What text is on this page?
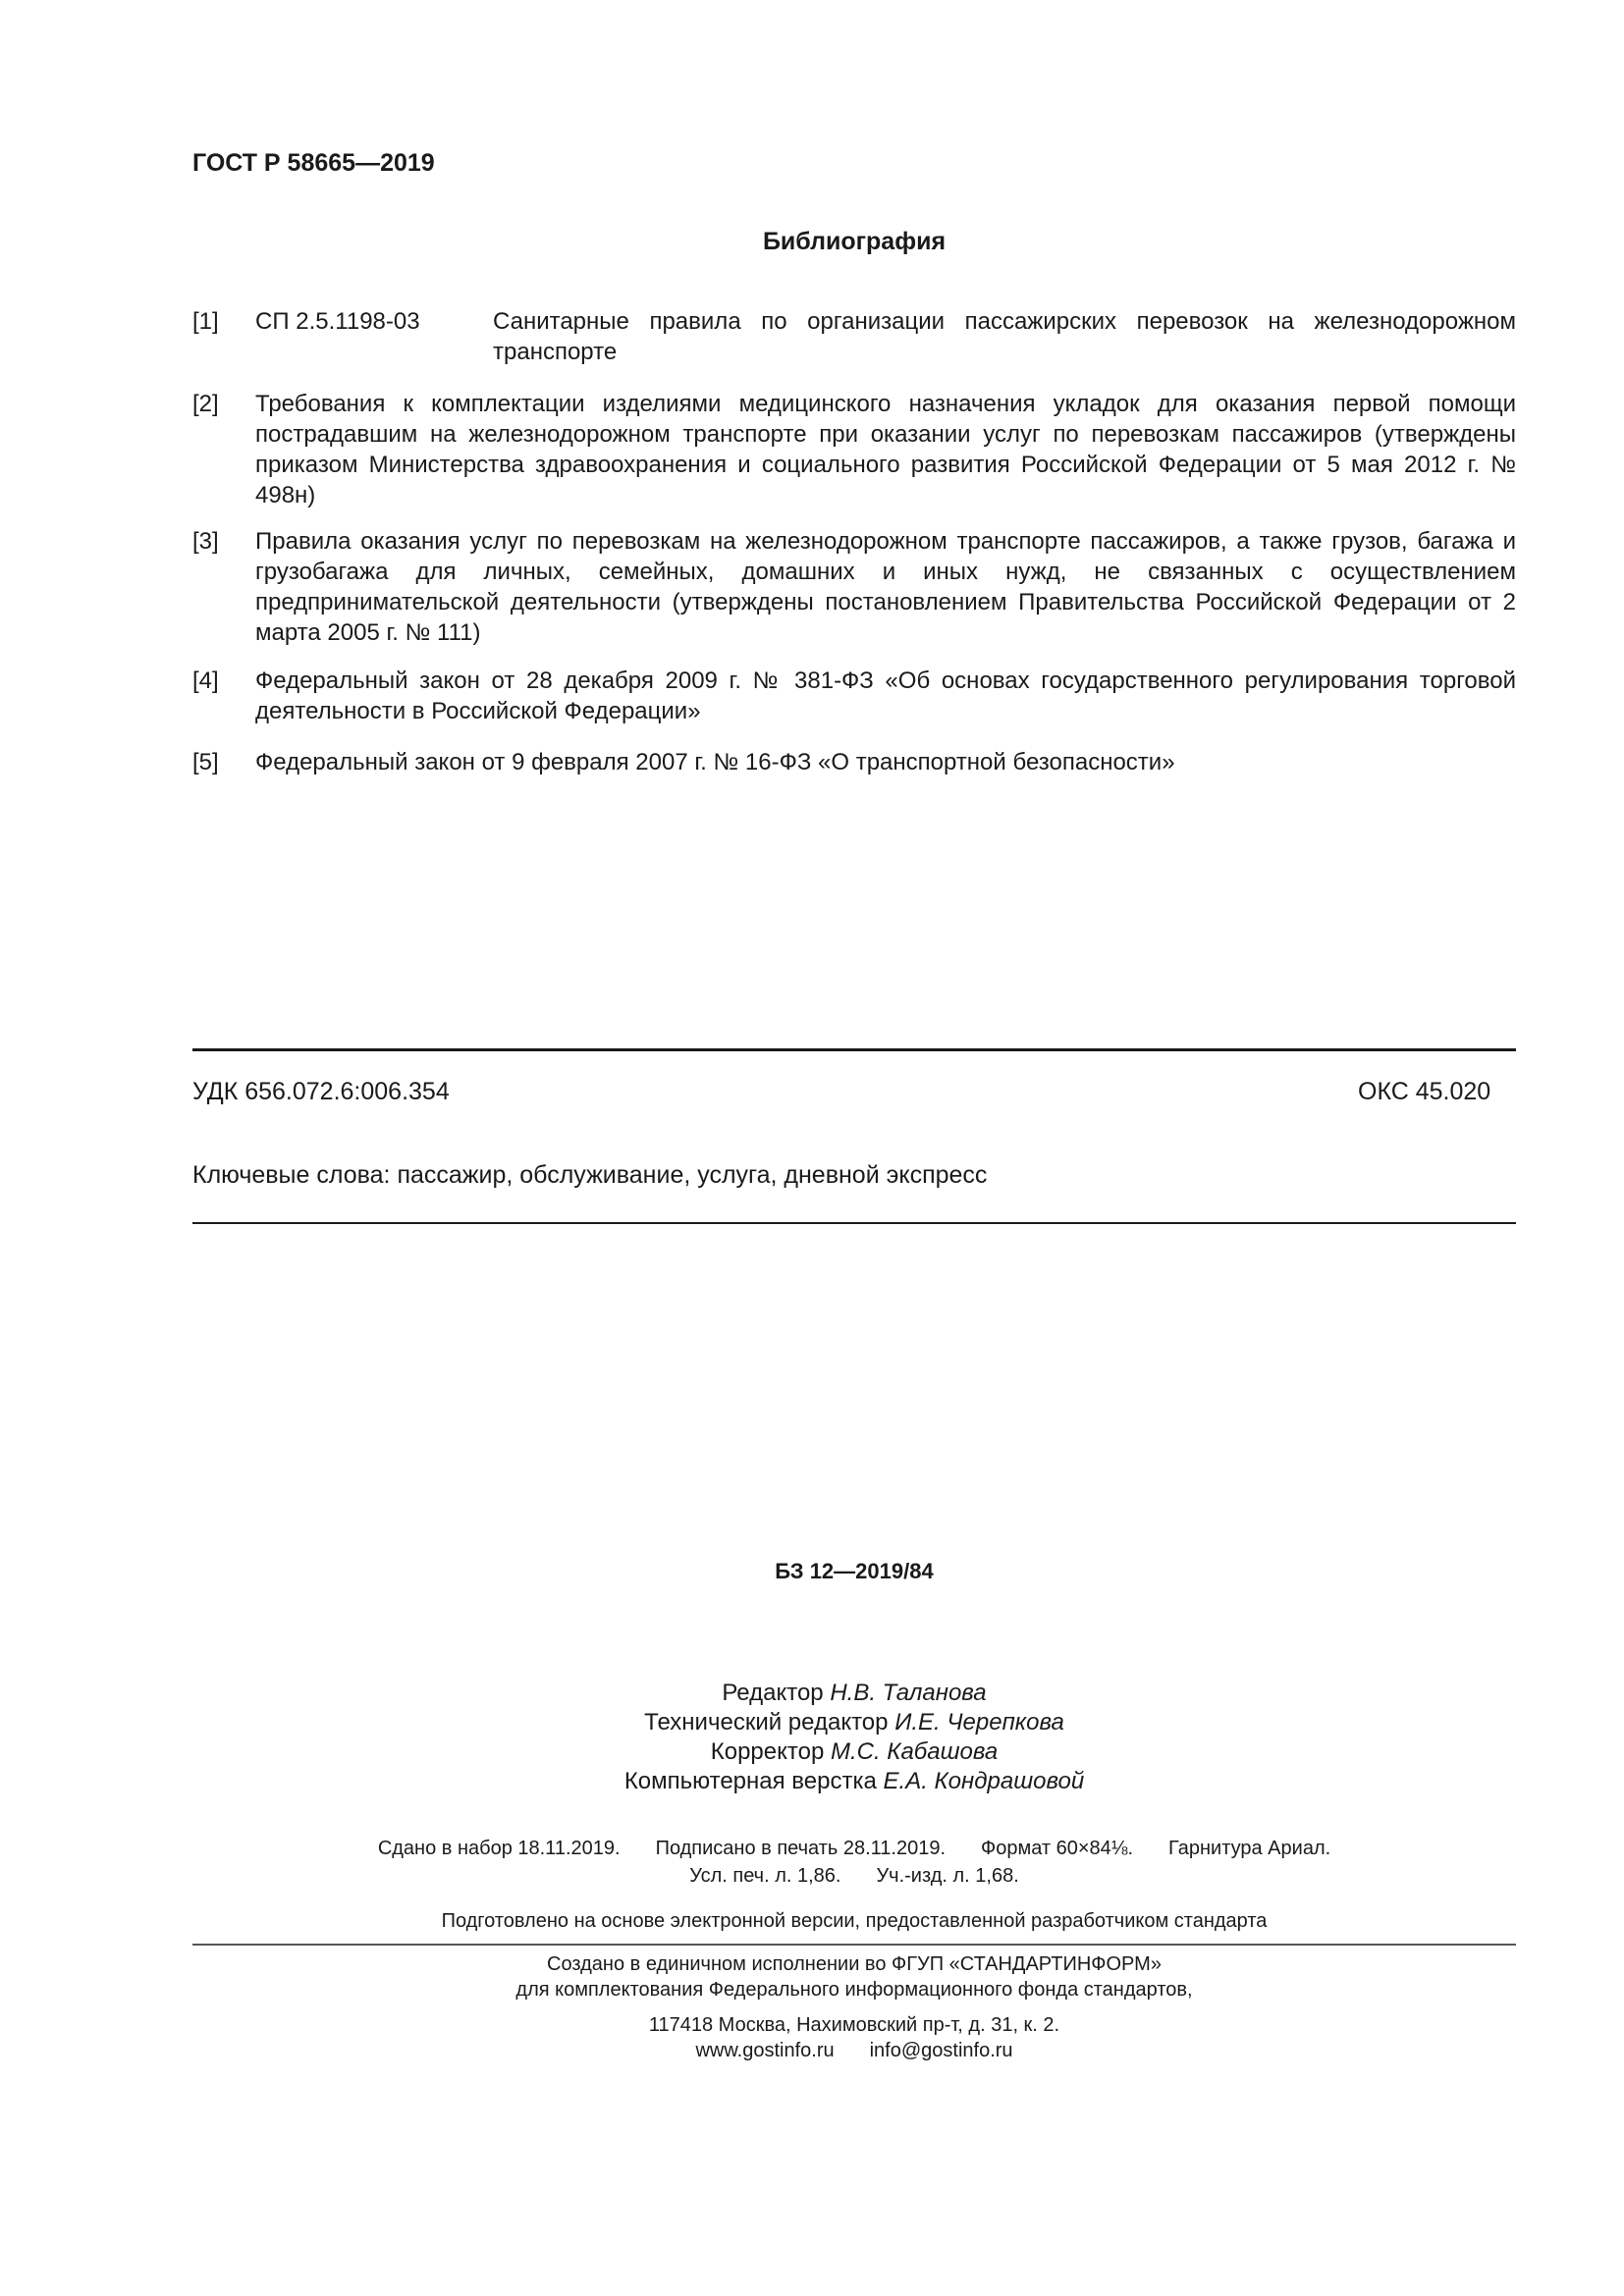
ГОСТ Р 58665—2019
Библиография
[1] СП 2.5.1198-03	Санитарные правила по организации пассажирских перевозок на железнодорожном транспорте
[2] Требования к комплектации изделиями медицинского назначения укладок для оказания первой помощи пострадавшим на железнодорожном транспорте при оказании услуг по перевозкам пассажиров (утверждены приказом Министерства здравоохранения и социального развития Российской Федерации от 5 мая 2012 г. № 498н)
[3] Правила оказания услуг по перевозкам на железнодорожном транспорте пассажиров, а также грузов, багажа и грузобагажа для личных, семейных, домашних и иных нужд, не связанных с осуществлением предпринимательской деятельности (утверждены постановлением Правительства Российской Федерации от 2 марта 2005 г. № 111)
[4] Федеральный закон от 28 декабря 2009 г. № 381-ФЗ «Об основах государственного регулирования торговой деятельности в Российской Федерации»
[5] Федеральный закон от 9 февраля 2007 г. № 16-ФЗ «О транспортной безопасности»
УДК 656.072.6:006.354	ОКС 45.020
Ключевые слова: пассажир, обслуживание, услуга, дневной экспресс
БЗ 12—2019/84
Редактор Н.В. Таланова
Технический редактор И.Е. Черепкова
Корректор М.С. Кабашова
Компьютерная верстка Е.А. Кондрашовой
Сдано в набор 18.11.2019. Подписано в печать 28.11.2019. Формат 60×84⅛. Гарнитура Ариал.
Усл. печ. л. 1,86. Уч.-изд. л. 1,68.
Подготовлено на основе электронной версии, предоставленной разработчиком стандарта
Создано в единичном исполнении во ФГУП «СТАНДАРТИНФОРМ»
для комплектования Федерального информационного фонда стандартов,
117418 Москва, Нахимовский пр-т, д. 31, к. 2.
www.gostinfo.ru info@gostinfo.ru
